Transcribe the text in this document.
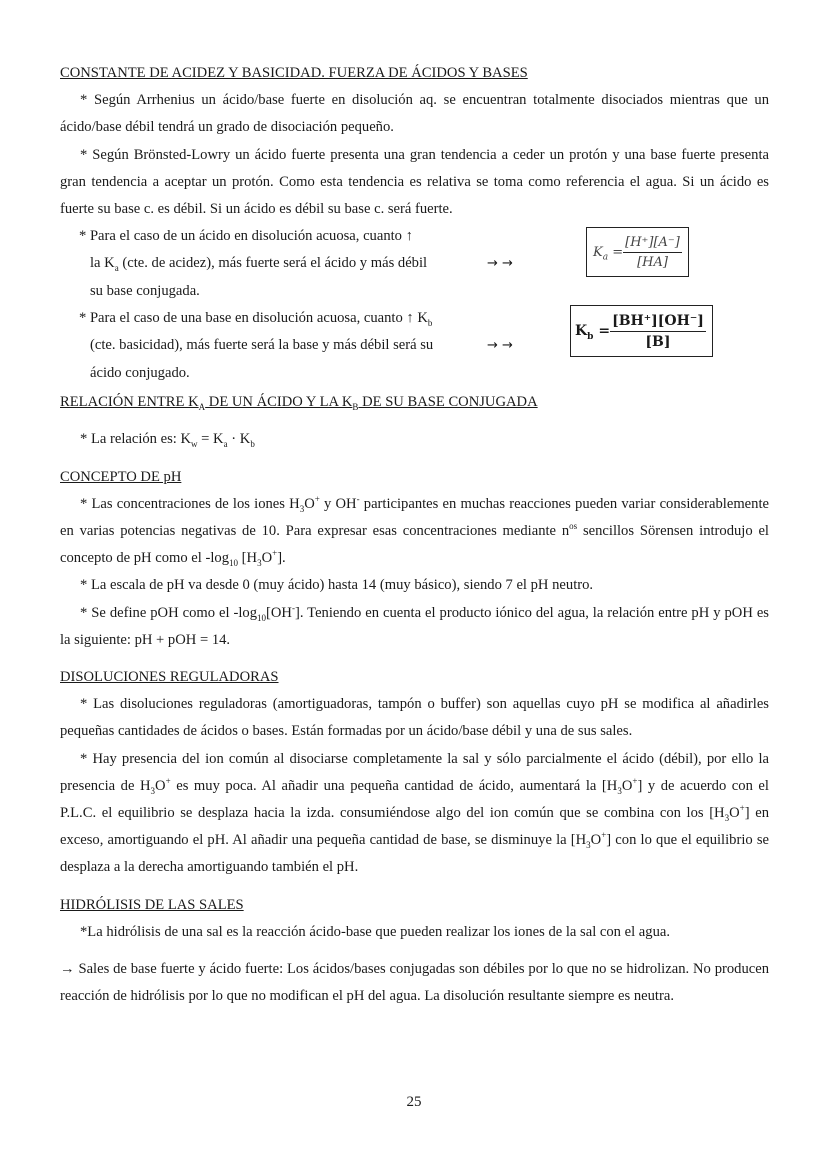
CONSTANTE DE ACIDEZ Y BASICIDAD. FUERZA DE ÁCIDOS Y BASES
* Según Arrhenius un ácido/base fuerte en disolución aq. se encuentran totalmente disociados mientras que un ácido/base débil tendrá un grado de disociación pequeño.
* Según Brönsted-Lowry un ácido fuerte presenta una gran tendencia a ceder un protón y una base fuerte presenta gran tendencia a aceptar un protón. Como esta tendencia es relativa se toma como referencia el agua. Si un ácido es fuerte su base c. es débil. Si un ácido es débil su base c. será fuerte.
* Para el caso de un ácido en disolución acuosa, cuanto ↑
la $K_a$ (cte. de acidez), más fuerte será el ácido y más débil
su base conjugada.
→ →
$K_a = \frac{[H^+][A^-]}{[HA]}$
* Para el caso de una base en disolución acuosa, cuanto ↑ $K_b$
(cte. basicidad), más fuerte será la base y más débil será su
ácido conjugado.
→ →
$K_b = \frac{[BH^+][OH^-]}{[B]}$
RELACIÓN ENTRE $K_A$ DE UN ÁCIDO Y LA $K_B$ DE SU BASE CONJUGADA
* La relación es: $K_w = K_a \cdot K_b$
CONCEPTO DE pH
* Las concentraciones de los iones $H_3O^+$ y OH- participantes en muchas reacciones pueden variar considerablemente en varias potencias negativas de 10. Para expresar esas concentraciones mediante $n^{os}$ sencillos Sörensen introdujo el concepto de pH como el $-\log_{10}$ $[H_3O^+]$.
* La escala de pH va desde 0 (muy ácido) hasta 14 (muy básico), siendo 7 el pH neutro.
* Se define pOH como el $-\log_{10}[OH^-]$. Teniendo en cuenta el producto iónico del agua, la relación entre pH y pOH es la siguiente: pH + pOH = 14.
DISOLUCIONES REGULADORAS
* Las disoluciones reguladoras (amortiguadoras, tampón o buffer) son aquellas cuyo pH se modifica al añadirles pequeñas cantidades de ácidos o bases. Están formadas por un ácido/base débil y una de sus sales.
* Hay presencia del ion común al disociarse completamente la sal y sólo parcialmente el ácido (débil), por ello la presencia de $H_3O^+$ es muy poca. Al añadir una pequeña cantidad de ácido, aumentará la $[H_3O^+]$ y de acuerdo con el P.L.C. el equilibrio se desplaza hacia la izda. consumiéndose algo del ion común que se combina con los $[H_3O^+]$ en exceso, amortiguando el pH. Al añadir una pequeña cantidad de base, se disminuye la $[H_3O^+]$ con lo que el equilibrio se desplaza a la derecha amortiguando también el pH.
HIDRÓLISIS DE LAS SALES
*La hidrólisis de una sal es la reacción ácido-base que pueden realizar los iones de la sal con el agua.
→ Sales de base fuerte y ácido fuerte: Los ácidos/bases conjugadas son débiles por lo que no se hidrolizan. No producen reacción de hidrólisis por lo que no modifican el pH del agua. La disolución resultante siempre es neutra.
25
